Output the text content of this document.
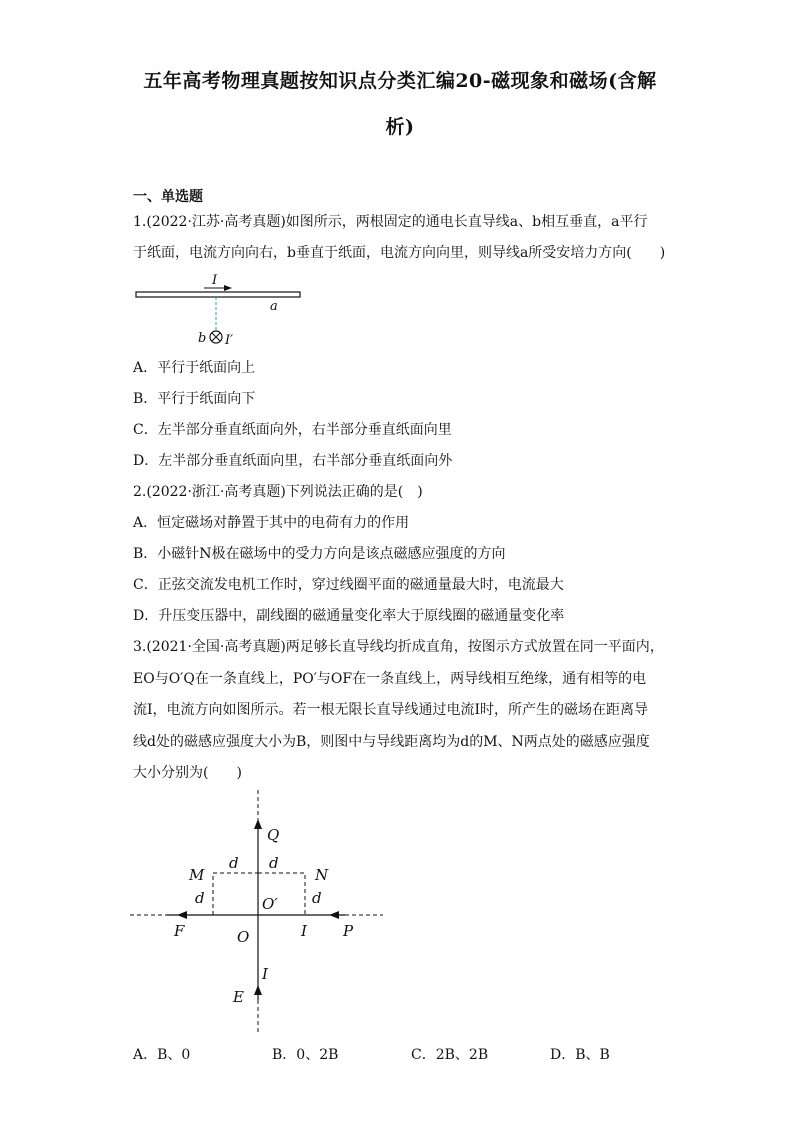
五年高考物理真题按知识点分类汇编20-磁现象和磁场(含解
析)
一、单选题
1.(2022·江苏·高考真题)如图所示，两根固定的通电长直导线a、b相互垂直，a平行
于纸面，电流方向向右，b垂直于纸面，电流方向向里，则导线a所受安培力方向(　　)
I
a
b I′
A．平行于纸面向上
B．平行于纸面向下
C．左半部分垂直纸面向外，右半部分垂直纸面向里
D．左半部分垂直纸面向里，右半部分垂直纸面向外
2.(2022·浙江·高考真题)下列说法正确的是(　)
A．恒定磁场对静置于其中的电荷有力的作用
B．小磁针N极在磁场中的受力方向是该点磁感应强度的方向
C．正弦交流发电机工作时，穿过线圈平面的磁通量最大时，电流最大
D．升压变压器中，副线圈的磁通量变化率大于原线圈的磁通量变化率
3.(2021·全国·高考真题)两足够长直导线均折成直角，按图示方式放置在同一平面内，
EO与O′Q在一条直线上，PO′与OF在一条直线上，两导线相互绝缘，通有相等的电
流I，电流方向如图所示。若一根无限长直导线通过电流I时，所产生的磁场在距离导
线d处的磁感应强度大小为B，则图中与导线距离均为d的M、N两点处的磁感应强度
大小分别为(　　)
Q
M
d d
N
d	d
O′
F	O	I P
I
E
A．B、0	B．0、2B	C．2B、2B	D．B、B
